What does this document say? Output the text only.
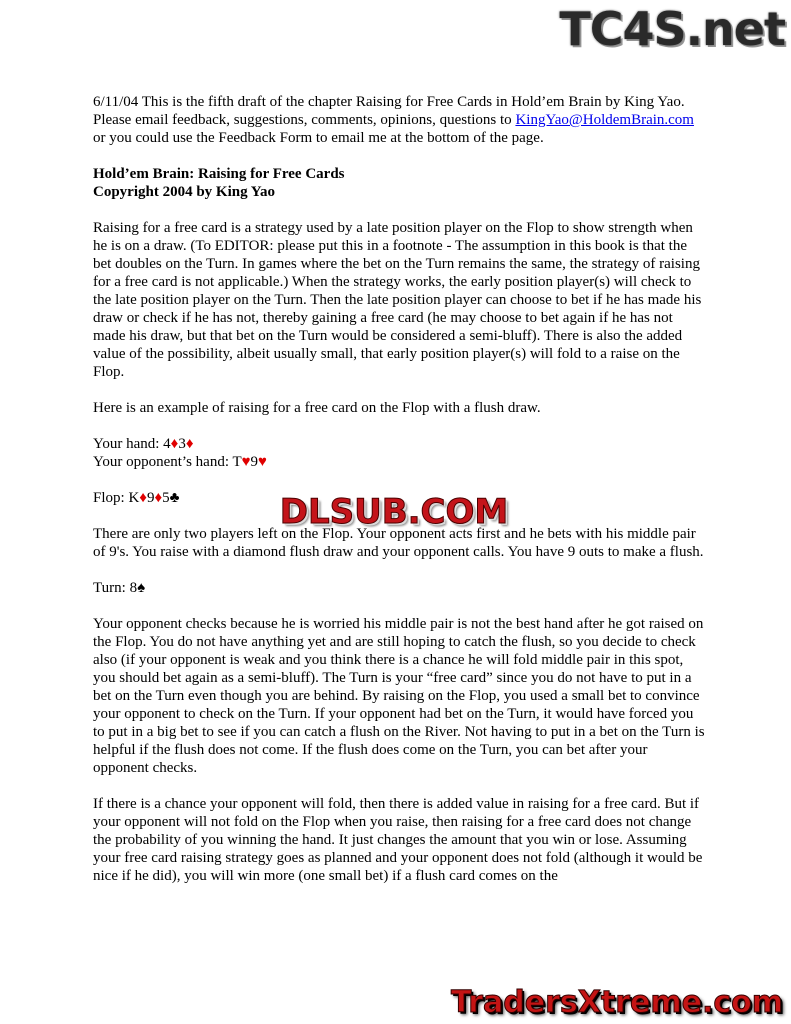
TC4S.net
DLSUB.COM
TradersXtreme.com

6/11/04 This is the fifth draft of the chapter Raising for Free Cards in Hold’em Brain by King Yao. Please email feedback, suggestions, comments, opinions, questions to KingYao@HoldemBrain.com or you could use the Feedback Form to email me at the bottom of the page.

Hold’em Brain: Raising for Free Cards
Copyright 2004 by King Yao

Raising for a free card is a strategy used by a late position player on the Flop to show strength when he is on a draw. (To EDITOR: please put this in a footnote - The assumption in this book is that the bet doubles on the Turn. In games where the bet on the Turn remains the same, the strategy of raising for a free card is not applicable.) When the strategy works, the early position player(s) will check to the late position player on the Turn. Then the late position player can choose to bet if he has made his draw or check if he has not, thereby gaining a free card (he may choose to bet again if he has not made his draw, but that bet on the Turn would be considered a semi-bluff). There is also the added value of the possibility, albeit usually small, that early position player(s) will fold to a raise on the Flop.

Here is an example of raising for a free card on the Flop with a flush draw.

Your hand: 4♦3♦
Your opponent’s hand: T♥9♥

Flop: K♦9♦5♣

There are only two players left on the Flop. Your opponent acts first and he bets with his middle pair of 9's. You raise with a diamond flush draw and your opponent calls. You have 9 outs to make a flush.

Turn: 8♠

Your opponent checks because he is worried his middle pair is not the best hand after he got raised on the Flop. You do not have anything yet and are still hoping to catch the flush, so you decide to check also (if your opponent is weak and you think there is a chance he will fold middle pair in this spot, you should bet again as a semi-bluff). The Turn is your “free card” since you do not have to put in a bet on the Turn even though you are behind. By raising on the Flop, you used a small bet to convince your opponent to check on the Turn. If your opponent had bet on the Turn, it would have forced you to put in a big bet to see if you can catch a flush on the River. Not having to put in a bet on the Turn is helpful if the flush does not come. If the flush does come on the Turn, you can bet after your opponent checks.

If there is a chance your opponent will fold, then there is added value in raising for a free card. But if your opponent will not fold on the Flop when you raise, then raising for a free card does not change the probability of you winning the hand. It just changes the amount that you win or lose. Assuming your free card raising strategy goes as planned and your opponent does not fold (although it would be nice if he did), you will win more (one small bet) if a flush card comes on the
